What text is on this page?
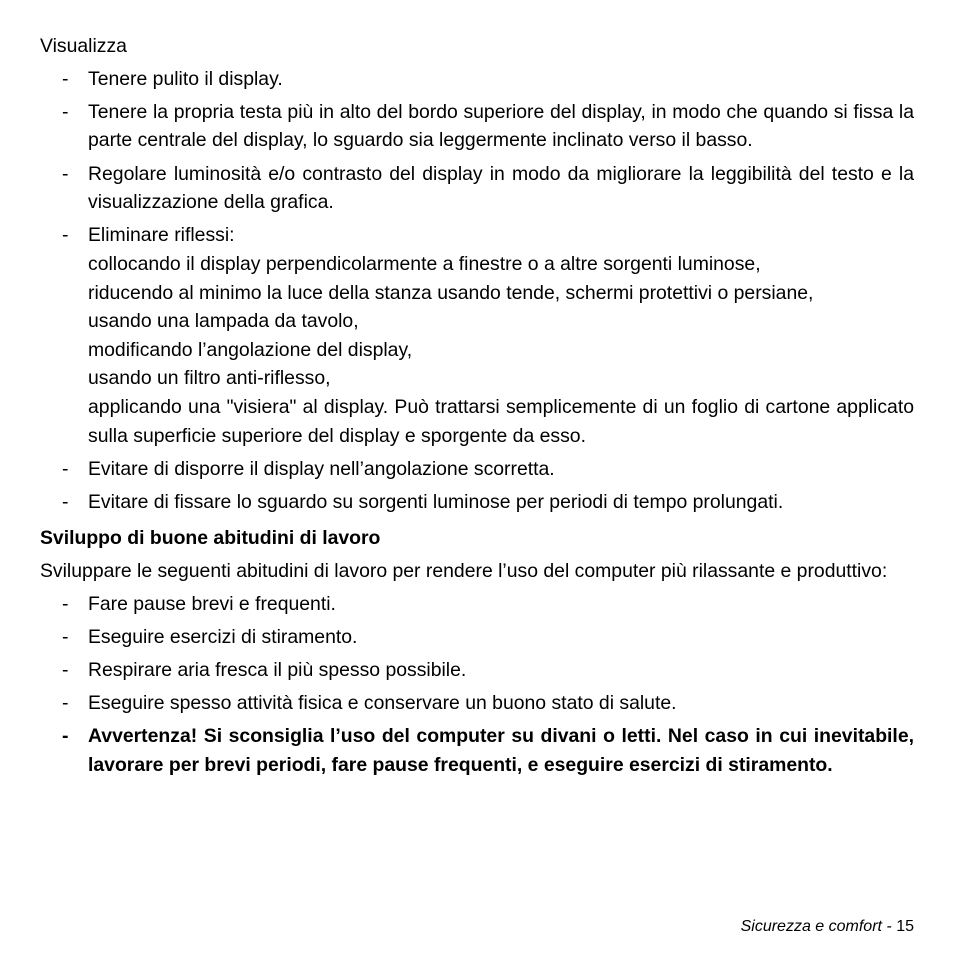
Visualizza
- Tenere pulito il display.
- Tenere la propria testa più in alto del bordo superiore del display, in modo che quando si fissa la parte centrale del display, lo sguardo sia leggermente inclinato verso il basso.
- Regolare luminosità e/o contrasto del display in modo da migliorare la leggibilità del testo e la visualizzazione della grafica.
- Eliminare riflessi:
collocando il display perpendicolarmente a finestre o a altre sorgenti luminose,
riducendo al minimo la luce della stanza usando tende, schermi protettivi o persiane,
usando una lampada da tavolo,
modificando l’angolazione del display,
usando un filtro anti-riflesso,
applicando una "visiera" al display. Può trattarsi semplicemente di un foglio di cartone applicato sulla superficie superiore del display e sporgente da esso.
- Evitare di disporre il display nell’angolazione scorretta.
- Evitare di fissare lo sguardo su sorgenti luminose per periodi di tempo prolungati.
Sviluppo di buone abitudini di lavoro
Sviluppare le seguenti abitudini di lavoro per rendere l’uso del computer più rilassante e produttivo:
- Fare pause brevi e frequenti.
- Eseguire esercizi di stiramento.
- Respirare aria fresca il più spesso possibile.
- Eseguire spesso attività fisica e conservare un buono stato di salute.
- Avvertenza! Si sconsiglia l’uso del computer su divani o letti. Nel caso in cui inevitabile, lavorare per brevi periodi, fare pause frequenti, e eseguire esercizi di stiramento.
Sicurezza e comfort - 15
